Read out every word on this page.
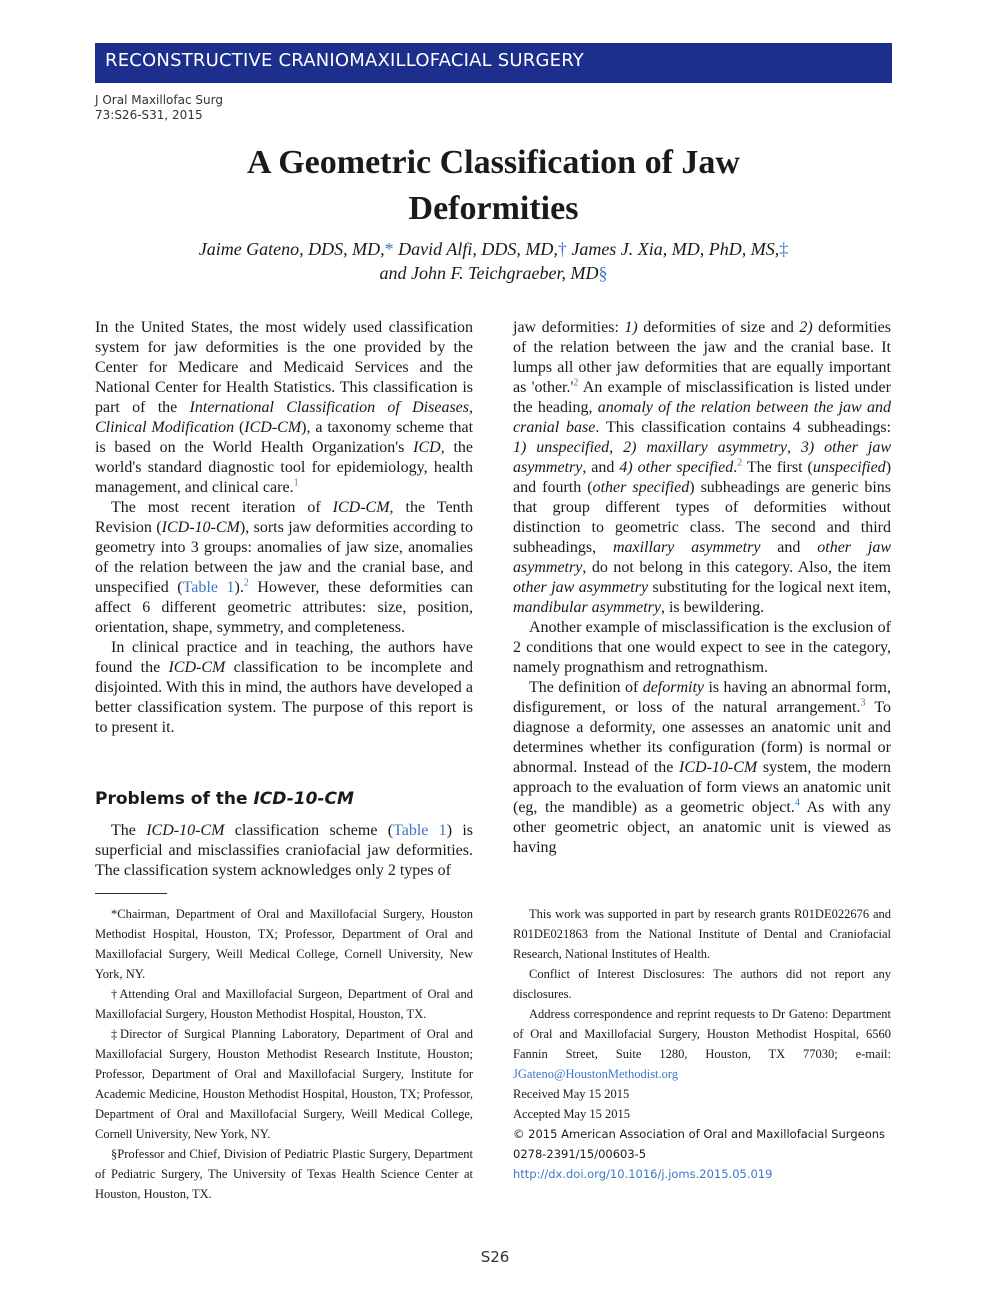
RECONSTRUCTIVE CRANIOMAXILLOFACIAL SURGERY
J Oral Maxillofac Surg
73:S26-S31, 2015
A Geometric Classification of Jaw
Deformities
Jaime Gateno, DDS, MD,* David Alfi, DDS, MD,† James J. Xia, MD, PhD, MS,‡
and John F. Teichgraeber, MD§

In the United States, the most widely used classification system for jaw deformities is the one provided by the Center for Medicare and Medicaid Services and the National Center for Health Statistics. This classification is part of the International Classification of Diseases, Clinical Modification (ICD-CM), a taxonomy scheme that is based on the World Health Organization's ICD, the world's standard diagnostic tool for epidemiology, health management, and clinical care.$^1$

The most recent iteration of ICD-CM, the Tenth Revision (ICD-10-CM), sorts jaw deformities according to geometry into 3 groups: anomalies of jaw size, anomalies of the relation between the jaw and the cranial base, and unspecified (Table 1).$^2$ However, these deformities can affect 6 different geometric attributes: size, position, orientation, shape, symmetry, and completeness.

In clinical practice and in teaching, the authors have found the ICD-CM classification to be incomplete and disjointed. With this in mind, the authors have developed a better classification system. The purpose of this report is to present it.

Problems of the ICD-10-CM

The ICD-10-CM classification scheme (Table 1) is superficial and misclassifies craniofacial jaw deformities. The classification system acknowledges only 2 types of

jaw deformities: 1) deformities of size and 2) deformities of the relation between the jaw and the cranial base. It lumps all other jaw deformities that are equally important as '$other.'^2$ An example of misclassification is listed under the heading, anomaly of the relation between the jaw and cranial base. This classification contains 4 subheadings: 1) unspecified, 2) maxillary asymmetry, 3) other jaw asymmetry, and 4) other specified.$^2$ The first (unspecified) and fourth (other specified) subheadings are generic bins that group different types of deformities without distinction to geometric class. The second and third subheadings, maxillary asymmetry and other jaw asymmetry, do not belong in this category. Also, the item other jaw asymmetry substituting for the logical next item, mandibular asymmetry, is bewildering.

Another example of misclassification is the exclusion of 2 conditions that one would expect to see in the category, namely prognathism and retrognathism.

The definition of deformity is having an abnormal form, disfigurement, or loss of the natural arrangement.$^3$ To diagnose a deformity, one assesses an anatomic unit and determines whether its configuration (form) is normal or abnormal. Instead of the ICD-10-CM system, the modern approach to the evaluation of form views an anatomic unit (eg, the mandible) as a geometric object.$^4$ As with any other geometric object, an anatomic unit is viewed as having

*Chairman, Department of Oral and Maxillofacial Surgery, Houston Methodist Hospital, Houston, TX; Professor, Department of Oral and Maxillofacial Surgery, Weill Medical College, Cornell University, New York, NY.

†Attending Oral and Maxillofacial Surgeon, Department of Oral and Maxillofacial Surgery, Houston Methodist Hospital, Houston, TX.

‡Director of Surgical Planning Laboratory, Department of Oral and Maxillofacial Surgery, Houston Methodist Research Institute, Houston; Professor, Department of Oral and Maxillofacial Surgery, Institute for Academic Medicine, Houston Methodist Hospital, Houston, TX; Professor, Department of Oral and Maxillofacial Surgery, Weill Medical College, Cornell University, New York, NY.

§Professor and Chief, Division of Pediatric Plastic Surgery, Department of Pediatric Surgery, The University of Texas Health Science Center at Houston, Houston, TX.

This work was supported in part by research grants R01DE022676 and R01DE021863 from the National Institute of Dental and Craniofacial Research, National Institutes of Health.

Conflict of Interest Disclosures: The authors did not report any disclosures.

Address correspondence and reprint requests to Dr Gateno: Department of Oral and Maxillofacial Surgery, Houston Methodist Hospital, 6560 Fannin Street, Suite 1280, Houston, TX 77030; e-mail: JGateno@HoustonMethodist.org

Received May 15 2015

Accepted May 15 2015

© 2015 American Association of Oral and Maxillofacial Surgeons

0278-2391/15/00603-5

http://dx.doi.org/10.1016/j.joms.2015.05.019

S26
